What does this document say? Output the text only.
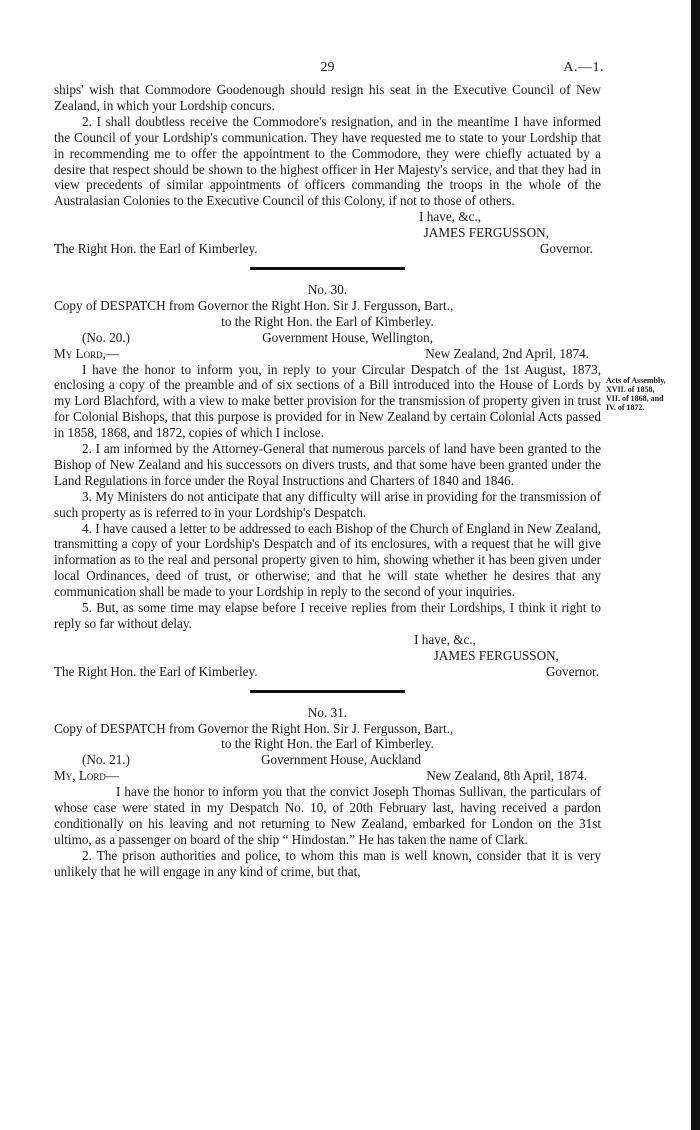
29	A.—1.

ships' wish that Commodore Goodenough should resign his seat in the Executive Council of New Zealand, in which your Lordship concurs.

2. I shall doubtless receive the Commodore's resignation, and in the meantime I have informed the Council of your Lordship's communication. They have requested me to state to your Lordship that in recommending me to offer the appointment to the Commodore, they were chiefly actuated by a desire that respect should be shown to the highest officer in Her Majesty's service, and that they had in view precedents of similar appointments of officers commanding the troops in the whole of the Australasian Colonies to the Executive Council of this Colony, if not to those of others.

I have, &c.,

JAMES FERGUSSON,

The Right Hon. the Earl of Kimberley.	Governor.

No. 30.

Copy of DESPATCH from Governor the Right Hon. Sir J. Fergusson, Bart.,

to the Right Hon. the Earl of Kimberley.

(No. 20.)	Government House, Wellington,
My Lord,—	New Zealand, 2nd April, 1874.
Acts of Assembly,
XVII. of 1858,
VII. of 1868, and
IV. of 1872.

I have the honor to inform you, in reply to your Circular Despatch of the 1st August, 1873, enclosing a copy of the preamble and of six sections of a Bill introduced into the House of Lords by my Lord Blachford, with a view to make better provision for the transmission of property given in trust for Colonial Bishops, that this purpose is provided for in New Zealand by certain Colonial Acts passed in 1858, 1868, and 1872, copies of which I inclose.

2. I am informed by the Attorney-General that numerous parcels of land have been granted to the Bishop of New Zealand and his successors on divers trusts, and that some have been granted under the Land Regulations in force under the Royal Instructions and Charters of 1840 and 1846.

3. My Ministers do not anticipate that any difficulty will arise in providing for the transmission of such property as is referred to in your Lordship's Despatch.

4. I have caused a letter to be addressed to each Bishop of the Church of England in New Zealand, transmitting a copy of your Lordship's Despatch and of its enclosures, with a request that he will give information as to the real and personal property given to him, showing whether it has been given under local Ordinances, deed of trust, or otherwise; and that he will state whether he desires that any communication shall be made to your Lordship in reply to the second of your inquiries.

5. But, as some time may elapse before I receive replies from their Lordships, I think it right to reply so far without delay.

I have, &c.,

JAMES FERGUSSON,

The Right Hon. the Earl of Kimberley.	Governor.

No. 31.

Copy of DESPATCH from Governor the Right Hon. Sir J. Fergusson, Bart.,

to the Right Hon. the Earl of Kimberley.

(No. 21.)	Government House, Auckland
My, Lord—	New Zealand, 8th April, 1874.

I have the honor to inform you that the convict Joseph Thomas Sullivan, the particulars of whose case were stated in my Despatch No. 10, of 20th February last, having received a pardon conditionally on his leaving and not returning to New Zealand, embarked for London on the 31st ultimo, as a passenger on board of the ship “ Hindostan.” He has taken the name of Clark.

2. The prison authorities and police, to whom this man is well known, consider that it is very unlikely that he will engage in any kind of crime, but that,
